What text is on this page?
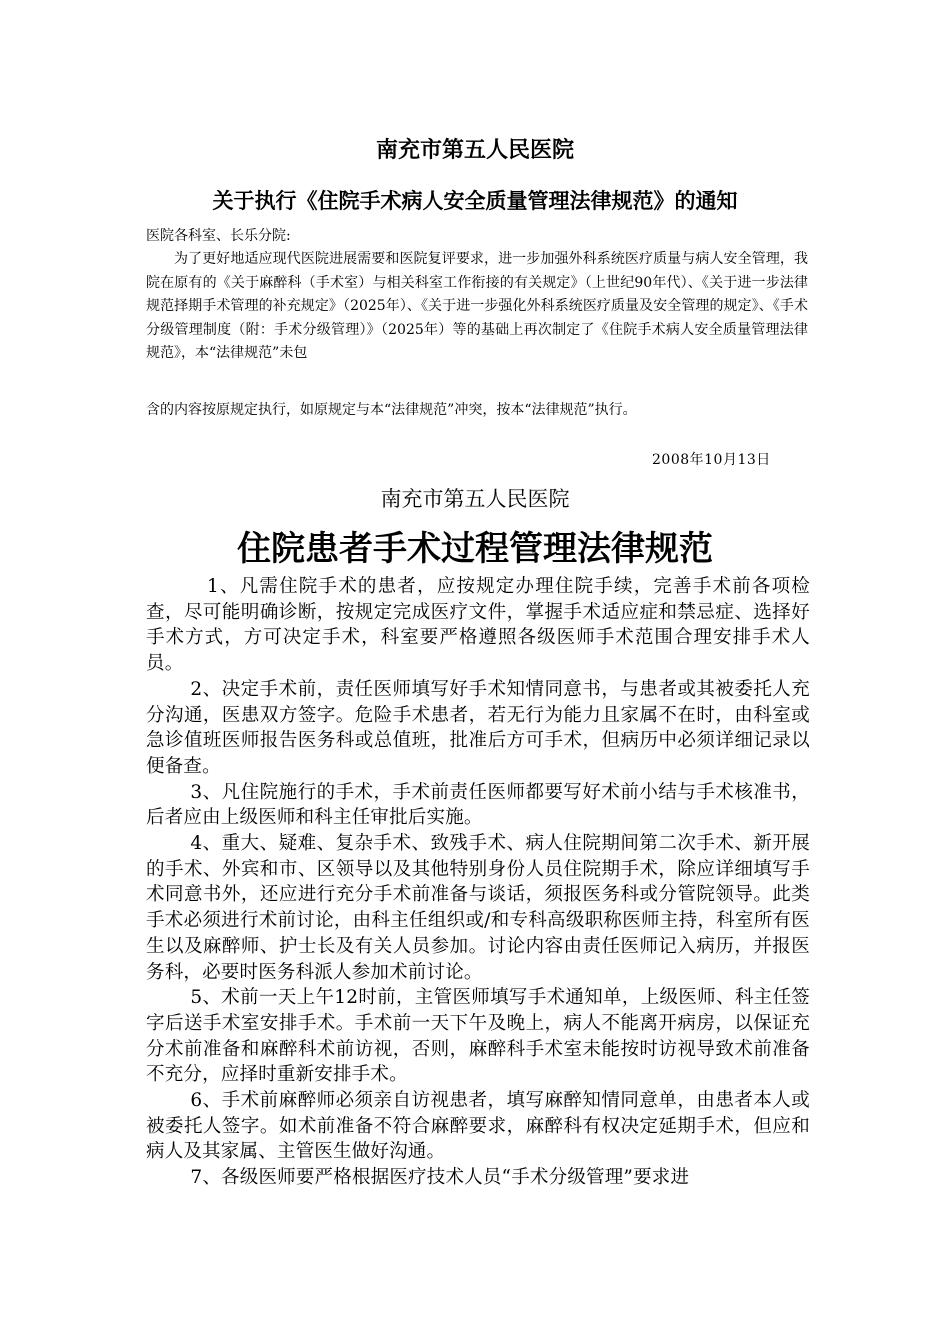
南充市第五人民医院
关于执行《住院手术病人安全质量管理法律规范》的通知
医院各科室、长乐分院:
为了更好地适应现代医院进展需要和医院复评要求，进一步加强外科系统医疗质量与病人安全管理，我院在原有的《关于麻醉科（手术室）与相关科室工作衔接的有关规定》（上世纪90年代）、《关于进一步法律规范择期手术管理的补充规定》（2025年）、《关于进一步强化外科系统医疗质量及安全管理的规定》、《手术分级管理制度（附：手术分级管理）》（2025年）等的基础上再次制定了《住院手术病人安全质量管理法律规范》，本“法律规范”未包
含的内容按原规定执行，如原规定与本“法律规范”冲突，按本“法律规范”执行。
2008年10月13日
南充市第五人民医院
住院患者手术过程管理法律规范

1、凡需住院手术的患者，应按规定办理住院手续，完善手术前各项检查，尽可能明确诊断，按规定完成医疗文件，掌握手术适应症和禁忌症、选择好手术方式，方可决定手术，科室要严格遵照各级医师手术范围合理安排手术人员。

2、决定手术前，责任医师填写好手术知情同意书，与患者或其被委托人充分沟通，医患双方签字。危险手术患者，若无行为能力且家属不在时，由科室或急诊值班医师报告医务科或总值班，批准后方可手术，但病历中必须详细记录以便备查。

3、凡住院施行的手术，手术前责任医师都要写好术前小结与手术核准书，后者应由上级医师和科主任审批后实施。

4、重大、疑难、复杂手术、致残手术、病人住院期间第二次手术、新开展的手术、外宾和市、区领导以及其他特别身份人员住院期手术，除应详细填写手术同意书外，还应进行充分手术前准备与谈话，须报医务科或分管院领导。此类手术必须进行术前讨论，由科主任组织或/和专科高级职称医师主持，科室所有医生以及麻醉师、护士长及有关人员参加。讨论内容由责任医师记入病历，并报医务科，必要时医务科派人参加术前讨论。

5、术前一天上午12时前，主管医师填写手术通知单，上级医师、科主任签字后送手术室安排手术。手术前一天下午及晚上，病人不能离开病房，以保证充分术前准备和麻醉科术前访视，否则，麻醉科手术室未能按时访视导致术前准备不充分，应择时重新安排手术。

6、手术前麻醉师必须亲自访视患者，填写麻醉知情同意单，由患者本人或被委托人签字。如术前准备不符合麻醉要求，麻醉科有权决定延期手术，但应和病人及其家属、主管医生做好沟通。

7、各级医师要严格根据医疗技术人员“手术分级管理”要求进
